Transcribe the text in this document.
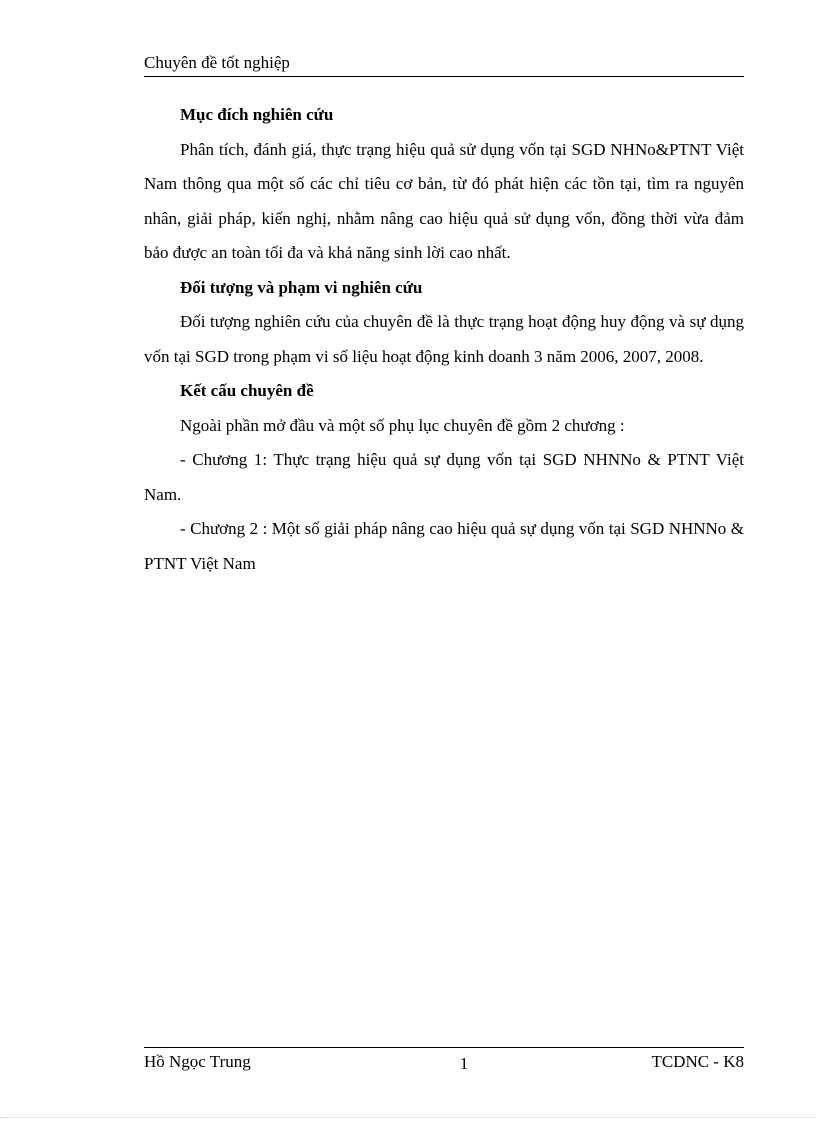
Chuyên đề tốt nghiệp
Mục đích nghiên cứu

Phân tích, đánh giá, thực trạng hiệu quả sử dụng vốn tại SGD NHNo&PTNT Việt Nam thông qua một số các chỉ tiêu cơ bản, từ đó phát hiện các tồn tại, tìm ra nguyên nhân, giải pháp, kiến nghị, nhằm nâng cao hiệu quả sử dụng vốn, đồng thời vừa đảm bảo được an toàn tối đa và khả năng sinh lời cao nhất.

Đối tượng và phạm vi nghiên cứu

Đối tượng nghiên cứu của chuyên đề là thực trạng hoạt động huy động và sự dụng vốn tại SGD trong phạm vi số liệu hoạt động kinh doanh 3 năm 2006, 2007, 2008.

Kết cấu chuyên đề

Ngoài phần mở đầu và một số phụ lục chuyên đề gồm 2 chương :

- Chương 1: Thực trạng hiệu quả sự dụng vốn tại SGD NHNNo & PTNT Việt Nam.

- Chương 2 : Một số giải pháp nâng cao hiệu quả sự dụng vốn tại SGD NHNNo & PTNT Việt Nam

Hồ Ngọc Trung	1	TCDNC - K8
